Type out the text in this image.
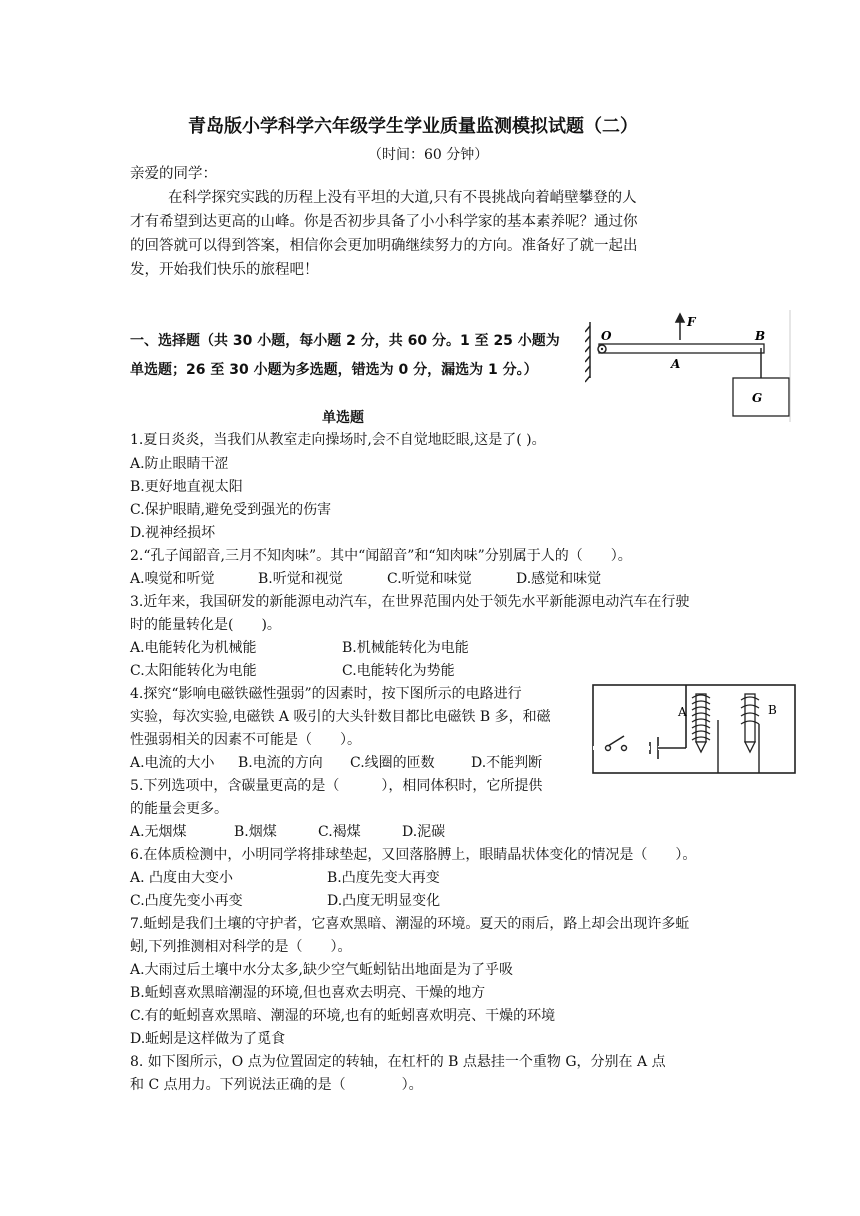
青岛版小学科学六年级学生学业质量监测模拟试题（二）
（时间：60 分钟）
亲爱的同学：
在科学探究实践的历程上没有平坦的大道,只有不畏挑战向着峭壁攀登的人
才有希望到达更高的山峰。你是否初步具备了小小科学家的基本素养呢？通过你
的回答就可以得到答案，相信你会更加明确继续努力的方向。准备好了就一起出
发，开始我们快乐的旅程吧！
一、选择题（共 30 小题，每小题 2 分，共 60 分。1 至 25 小题为
单选题；26 至 30 小题为多选题，错选为 0 分，漏选为 1 分。）
单选题
O
F
B
A
G
1.夏日炎炎，当我们从教室走向操场时,会不自觉地眨眼,这是了( )。
A.防止眼睛干涩
B.更好地直视太阳
C.保护眼睛,避免受到强光的伤害
D.视神经损坏
2.“孔子闻韶音,三月不知肉味”。其中“闻韶音”和“知肉味”分别属于人的（　　）。
A.嗅觉和听觉	B.听觉和视觉	C.听觉和味觉	D.感觉和味觉
3.近年来，我国研发的新能源电动汽车，在世界范围内处于领先水平新能源电动汽车在行驶
时的能量转化是(　　)。
A.电能转化为机械能	B.机械能转化为电能
C.太阳能转化为电能	C.电能转化为势能
4.探究“影响电磁铁磁性强弱”的因素时，按下图所示的电路进行
实验，每次实验,电磁铁 A 吸引的大头针数目都比电磁铁 B 多，和磁
性强弱相关的因素不可能是（　　）。
A.电流的大小 B.电流的方向 C.线圈的匝数	D.不能判断
A	B
5.下列选项中，含碳量更高的是（　　　），相同体积时，它所提供
的能量会更多。
A.无烟煤	B.烟煤	C.褐煤	D.泥碳
6.在体质检测中，小明同学将排球垫起，又回落胳膊上，眼睛晶状体变化的情况是（　　）。
A. 凸度由大变小	B.凸度先变大再变
C.凸度先变小再变	D.凸度无明显变化
7.蚯蚓是我们土壤的守护者，它喜欢黑暗、潮湿的环境。夏天的雨后，路上却会出现许多蚯
蚓,下列推测相对科学的是（　　）。
A.大雨过后土壤中水分太多,缺少空气蚯蚓钻出地面是为了乎吸
B.蚯蚓喜欢黑暗潮湿的环境,但也喜欢去明亮、干燥的地方
C.有的蚯蚓喜欢黑暗、潮湿的环境,也有的蚯蚓喜欢明亮、干燥的环境
D.蚯蚓是这样做为了觅食
8. 如下图所示，O 点为位置固定的转轴，在杠杆的 B 点悬挂一个重物 G，分别在 A 点
和 C 点用力。下列说法正确的是（　　　　）。
